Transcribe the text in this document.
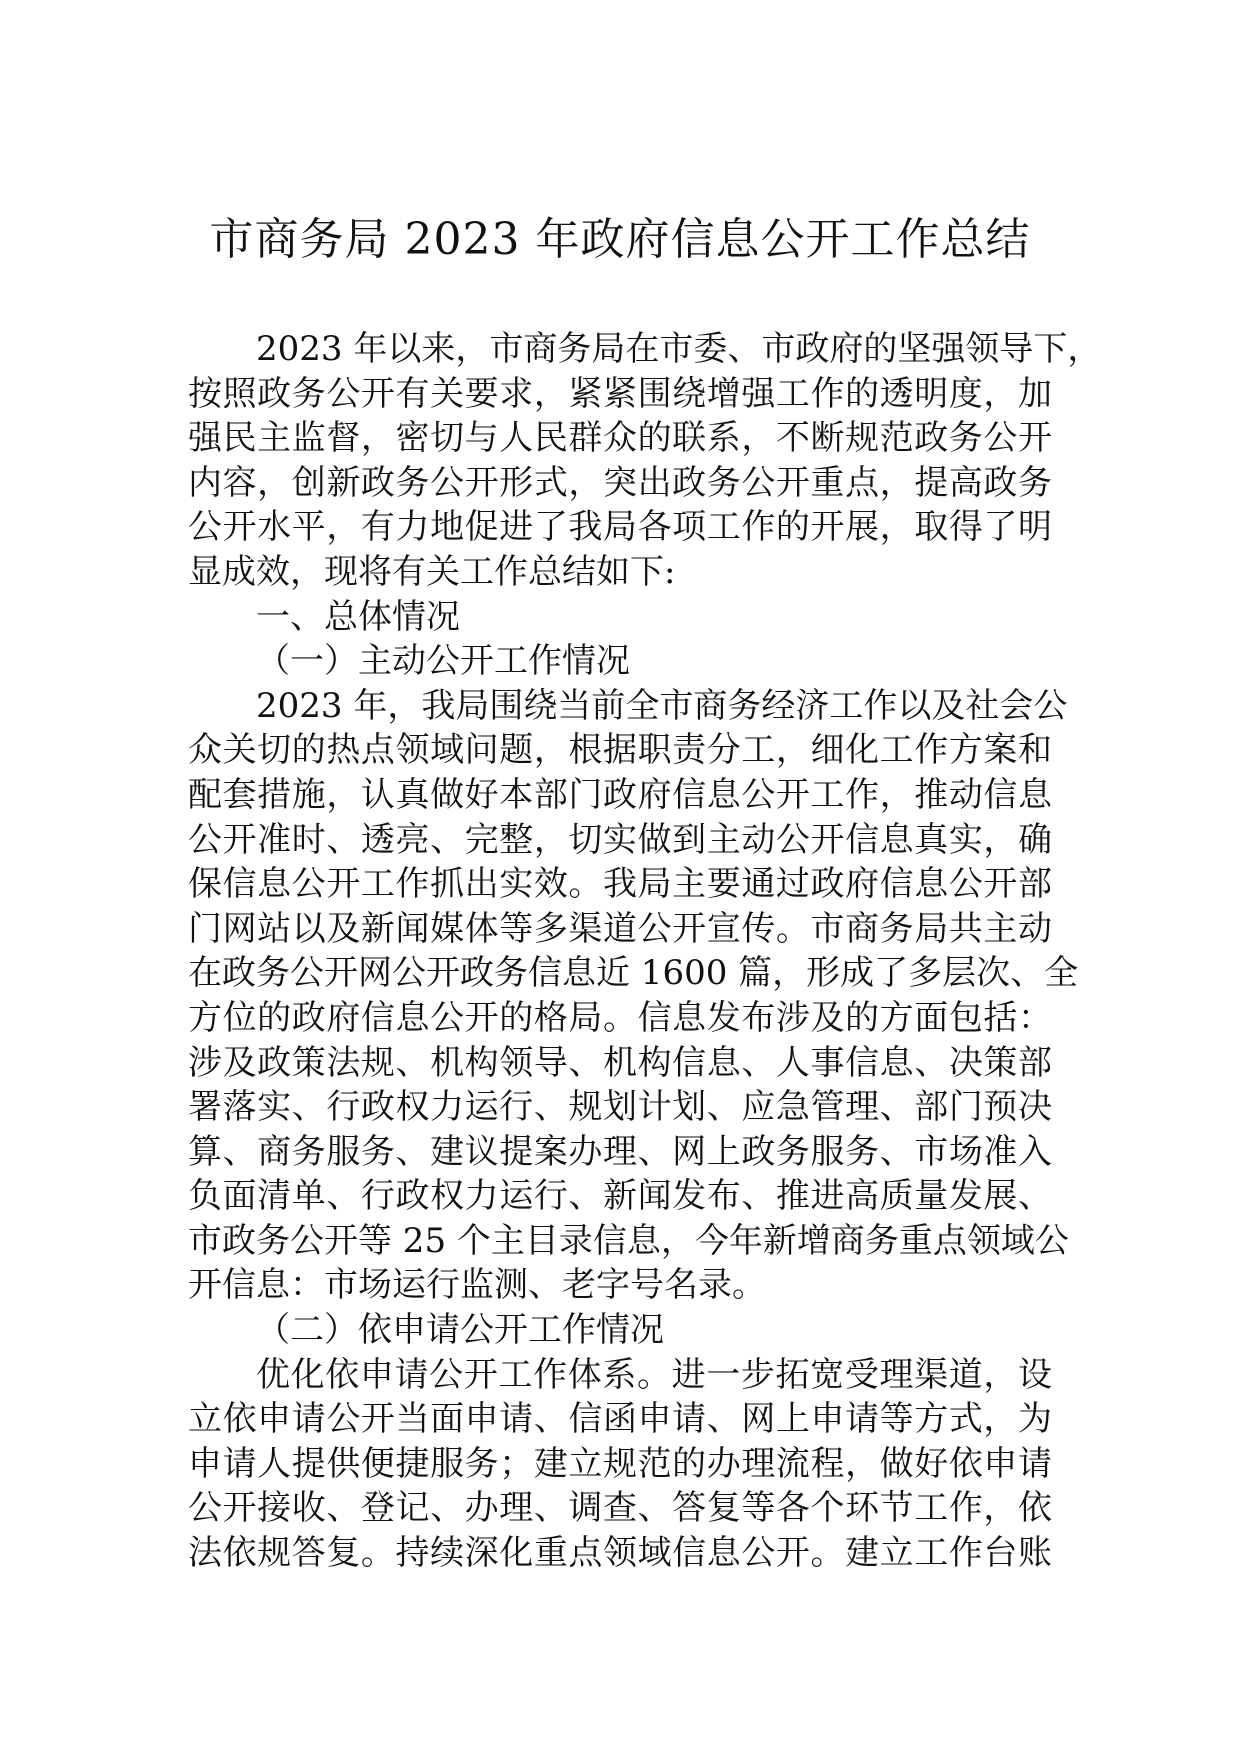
市商务局 2023 年政府信息公开工作总结
2023 年以来，市商务局在市委、市政府的坚强领导下，
按照政务公开有关要求，紧紧围绕增强工作的透明度，加
强民主监督，密切与人民群众的联系，不断规范政务公开
内容，创新政务公开形式，突出政务公开重点，提高政务
公开水平，有力地促进了我局各项工作的开展，取得了明
显成效，现将有关工作总结如下:
一、总体情况
（一）主动公开工作情况
2023 年，我局围绕当前全市商务经济工作以及社会公
众关切的热点领域问题，根据职责分工，细化工作方案和
配套措施，认真做好本部门政府信息公开工作，推动信息
公开准时、透亮、完整，切实做到主动公开信息真实，确
保信息公开工作抓出实效。我局主要通过政府信息公开部
门网站以及新闻媒体等多渠道公开宣传。市商务局共主动
在政务公开网公开政务信息近 1600 篇，形成了多层次、全
方位的政府信息公开的格局。信息发布涉及的方面包括：
涉及政策法规、机构领导、机构信息、人事信息、决策部
署落实、行政权力运行、规划计划、应急管理、部门预决
算、商务服务、建议提案办理、网上政务服务、市场准入
负面清单、行政权力运行、新闻发布、推进高质量发展、
市政务公开等 25 个主目录信息，今年新增商务重点领域公
开信息：市场运行监测、老字号名录。
（二）依申请公开工作情况
优化依申请公开工作体系。进一步拓宽受理渠道，设
立依申请公开当面申请、信函申请、网上申请等方式，为
申请人提供便捷服务；建立规范的办理流程，做好依申请
公开接收、登记、办理、调查、答复等各个环节工作，依
法依规答复。持续深化重点领域信息公开。建立工作台账
